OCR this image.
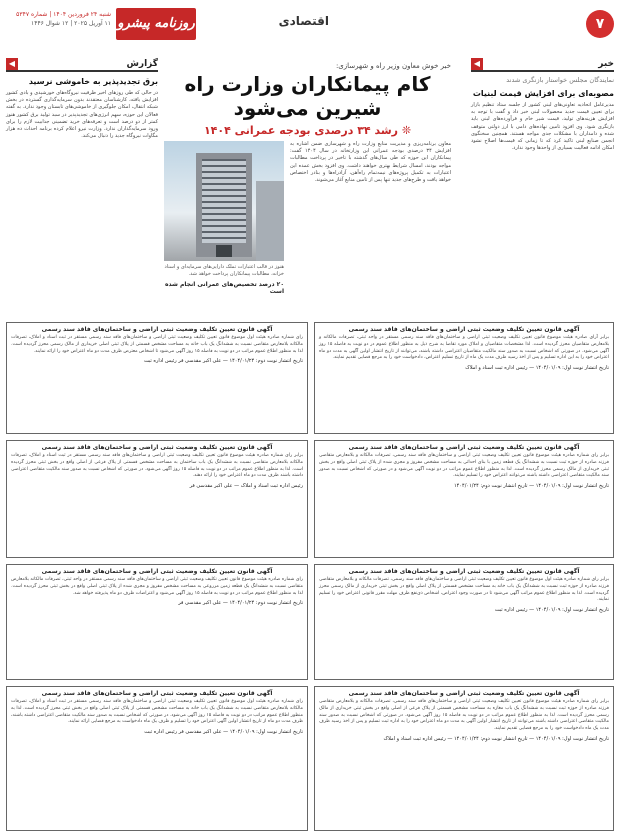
۷
اقتصادی
روزنامه پیشرو
شنبه ۲۴ فروردین ۱۴۰۴ | شماره ۵۳۴۷
۱۱ آوریل ۲۰۲۵ | ۱۲ شوال ۱۴۴۶
خبر
◀
نمایندگان مجلس خواستار بازنگری شدند
مصوبه‌ای برای افزایش قیمت لبنیات
مدیرعامل اتحادیه تعاونی‌های لبنی کشور از جلسه ستاد تنظیم بازار برای تعیین قیمت جدید محصولات لبنی خبر داد و گفت با توجه به افزایش هزینه‌های تولید، قیمت شیر خام و فرآورده‌های لبنی باید بازنگری شود. وی افزود تامین نهاده‌های دامی با ارز دولتی متوقف شده و دامداران با مشکلات جدی مواجه هستند. همچنین سخنگوی انجمن صنایع لبنی تاکید کرد که تا زمانی که قیمت‌ها اصلاح نشود امکان ادامه فعالیت بسیاری از واحدها وجود ندارد.
خبر خوش معاون وزیر راه و شهرسازی:
کام پیمانکاران وزارت راه شیرین می‌شود
❊ رشد ۳۴ درصدی بودجه عمرانی ۱۴۰۴
معاون برنامه‌ریزی و مدیریت منابع وزارت راه و شهرسازی ضمن اشاره به افزایش ۳۴ درصدی بودجه عمرانی این وزارتخانه در سال ۱۴۰۴ گفت: پیمانکاران این حوزه که طی سال‌های گذشته با تاخیر در پرداخت مطالبات مواجه بودند، امسال شرایط بهتری خواهند داشت. وی افزود بخش عمده این اعتبارات به تکمیل پروژه‌های نیمه‌تمام راه‌آهن، آزادراه‌ها و بنادر اختصاص خواهد یافت و طرح‌های جدید تنها پس از تامین منابع آغاز می‌شوند.
هنوز در قالب اعتبارات تملک دارایی‌های سرمایه‌ای و اسناد خزانه، مطالبات پیمانکاران پرداخت خواهد شد.
۲۰ درصد تخصیص‌های عمرانی انجام شده است
گزارش
◀
برق تجدیدپذیر به خاموشی نرسید
در حالی که طی روزهای اخیر ظرفیت نیروگاه‌های خورشیدی و بادی کشور افزایش یافته، کارشناسان معتقدند بدون سرمایه‌گذاری گسترده در بخش شبکه انتقال، امکان جلوگیری از خاموشی‌های تابستان وجود ندارد. به گفته فعالان این حوزه، سهم انرژی‌های تجدیدپذیر در سبد تولید برق کشور هنوز کمتر از دو درصد است و تعرفه‌های خرید تضمینی جذابیت لازم را برای ورود سرمایه‌گذاران ندارد. وزارت نیرو اعلام کرده برنامه احداث ده هزار مگاوات نیروگاه جدید را دنبال می‌کند.
آگهی قانون تعیین تکلیف وضعیت ثبتی اراضی و ساختمان‌های فاقد سند رسمی
برابر آرای صادره هیئت موضوع قانون تعیین تکلیف وضعیت ثبتی اراضی و ساختمان‌های فاقد سند رسمی مستقر در واحد ثبتی، تصرفات مالکانه و بلامعارض متقاضیان محرز گردیده است. لذا مشخصات متقاضیان و املاک مورد تقاضا به شرح ذیل به منظور اطلاع عموم در دو نوبت به فاصله ۱۵ روز آگهی می‌شود. در صورتی که اشخاص نسبت به صدور سند مالکیت متقاضیان اعتراضی داشته باشند، می‌توانند از تاریخ انتشار اولین آگهی به مدت دو ماه اعتراض خود را به این اداره تسلیم و پس از اخذ رسید ظرف مدت یک ماه از تاریخ تسلیم اعتراض، دادخواست خود را به مرجع قضایی تقدیم نمایند.
تاریخ انتشار نوبت اول: ۱۴۰۴/۰۱/۰۹ — رئیس اداره ثبت اسناد و املاک
آگهی قانون تعیین تکلیف وضعیت ثبتی اراضی و ساختمان‌های فاقد سند رسمی
رای شماره صادره هیئت اول موضوع قانون تعیین تکلیف وضعیت ثبتی اراضی و ساختمان‌های فاقد سند رسمی مستقر در ثبت اسناد و املاک، تصرفات مالکانه بلامعارض متقاضی نسبت به ششدانگ یک باب خانه به مساحت مشخص قسمتی از پلاک ثبتی اصلی خریداری از مالک رسمی محرز گردیده است. لذا به منظور اطلاع عموم مراتب در دو نوبت به فاصله ۱۵ روز آگهی می‌شود تا اشخاص معترض ظرف مدت دو ماه اعتراض خود را ارائه نمایند.
تاریخ انتشار نوبت دوم: ۱۴۰۴/۰۱/۲۴ — علی اکبر مقدسی فر رئیس اداره ثبت
آگهی قانون تعیین تکلیف وضعیت ثبتی اراضی و ساختمان‌های فاقد سند رسمی
برابر رای شماره صادره هیئت موضوع قانون تعیین تکلیف وضعیت ثبتی اراضی و ساختمان‌های فاقد سند رسمی، تصرفات مالکانه و بلامعارض متقاضی فرزند صادره از حوزه ثبت نسبت به ششدانگ یک قطعه زمین با بنای احداثی به مساحت مشخص مفروز و مجزی شده از پلاک ثبتی اصلی واقع در بخش ثبتی خریداری از مالک رسمی محرز گردیده است. لذا به منظور اطلاع عموم مراتب در دو نوبت آگهی می‌شود و در صورتی که اشخاص نسبت به صدور سند مالکیت متقاضی اعتراضی داشته باشند می‌توانند اعتراض خود را تسلیم نمایند.
تاریخ انتشار نوبت اول: ۱۴۰۴/۰۱/۰۹ — تاریخ انتشار نوبت دوم: ۱۴۰۴/۰۱/۲۴
آگهی قانون تعیین تکلیف وضعیت ثبتی اراضی و ساختمان‌های فاقد سند رسمی
برابر رای شماره صادره هیئت موضوع قانون تعیین تکلیف وضعیت ثبتی اراضی و ساختمان‌های فاقد سند رسمی مستقر در ثبت اسناد و املاک، تصرفات مالکانه بلامعارض متقاضی نسبت به ششدانگ یک باب ساختمان به مساحت مشخص قسمتی از پلاک فرعی از اصلی واقع در بخش ثبتی محرز گردیده است. لذا به منظور اطلاع عموم مراتب در دو نوبت به فاصله ۱۵ روز آگهی می‌شود. در صورتی که اشخاص نسبت به صدور سند مالکیت متقاضی اعتراضی داشته باشند ظرف مدت دو ماه اعتراض خود را ارائه دهند.
رئیس اداره ثبت اسناد و املاک — علی اکبر مقدسی فر
آگهی قانون تعیین تکلیف وضعیت ثبتی اراضی و ساختمان‌های فاقد سند رسمی
برابر رای شماره صادره هیئت اول موضوع قانون تعیین تکلیف وضعیت ثبتی اراضی و ساختمان‌های فاقد سند رسمی، تصرفات مالکانه و بلامعارض متقاضی فرزند صادره از حوزه ثبت نسبت به ششدانگ یک باب خانه به مساحت مشخص قسمتی از پلاک اصلی واقع در بخش ثبتی خریداری از مالک رسمی محرز گردیده است. لذا به منظور اطلاع عموم مراتب آگهی می‌شود تا در صورت وجود اعتراض، اشخاص ذی‌نفع ظرف مهلت مقرر قانونی اعتراض خود را تسلیم نمایند.
تاریخ انتشار نوبت اول: ۱۴۰۴/۰۱/۰۹ — رئیس اداره ثبت
آگهی قانون تعیین تکلیف وضعیت ثبتی اراضی و ساختمان‌های فاقد سند رسمی
رای شماره صادره هیئت موضوع قانون تعیین تکلیف وضعیت ثبتی اراضی و ساختمان‌های فاقد سند رسمی مستقر در واحد ثبتی، تصرفات مالکانه بلامعارض متقاضی نسبت به ششدانگ یک قطعه زمین مزروعی به مساحت مشخص مفروز و مجزی شده از پلاک ثبتی اصلی واقع در بخش ثبتی محرز گردیده است. لذا به منظور اطلاع عموم مراتب در دو نوبت به فاصله ۱۵ روز آگهی می‌شود و اعتراضات ظرف دو ماه پذیرفته خواهد شد.
تاریخ انتشار نوبت دوم: ۱۴۰۴/۰۱/۲۴ — علی اکبر مقدسی فر
آگهی قانون تعیین تکلیف وضعیت ثبتی اراضی و ساختمان‌های فاقد سند رسمی
برابر رای شماره صادره هیئت موضوع قانون تعیین تکلیف وضعیت ثبتی اراضی و ساختمان‌های فاقد سند رسمی، تصرفات مالکانه و بلامعارض متقاضی فرزند صادره از حوزه ثبت نسبت به ششدانگ یک باب مغازه به مساحت مشخص قسمتی از پلاک فرعی از اصلی واقع در بخش ثبتی خریداری از مالک رسمی محرز گردیده است. لذا به منظور اطلاع عموم مراتب در دو نوبت به فاصله ۱۵ روز آگهی می‌شود. در صورتی که اشخاص نسبت به صدور سند مالکیت متقاضی اعتراضی داشته باشند می‌توانند از تاریخ انتشار اولین آگهی به مدت دو ماه اعتراض خود را به اداره ثبت تسلیم و پس از اخذ رسید ظرف مدت یک ماه دادخواست خود را به مرجع قضایی تقدیم نمایند.
تاریخ انتشار نوبت اول: ۱۴۰۴/۰۱/۰۹ — تاریخ انتشار نوبت دوم: ۱۴۰۴/۰۱/۲۴ — رئیس اداره ثبت اسناد و املاک
آگهی قانون تعیین تکلیف وضعیت ثبتی اراضی و ساختمان‌های فاقد سند رسمی
رای شماره صادره هیئت اول موضوع قانون تعیین تکلیف وضعیت ثبتی اراضی و ساختمان‌های فاقد سند رسمی مستقر در ثبت اسناد و املاک، تصرفات مالکانه بلامعارض متقاضی نسبت به ششدانگ یک باب خانه به مساحت مشخص قسمتی از پلاک ثبتی اصلی واقع در بخش ثبتی محرز گردیده است. لذا به منظور اطلاع عموم مراتب در دو نوبت به فاصله ۱۵ روز آگهی می‌شود. در صورتی که اشخاص نسبت به صدور سند مالکیت متقاضی اعتراضی داشته باشند، ظرف مدت دو ماه از تاریخ انتشار اولین آگهی اعتراض خود را تسلیم و ظرف یک ماه دادخواست به مرجع قضایی ارائه نمایند.
تاریخ انتشار نوبت اول: ۱۴۰۴/۰۱/۰۹ — علی اکبر مقدسی فر رئیس اداره ثبت
